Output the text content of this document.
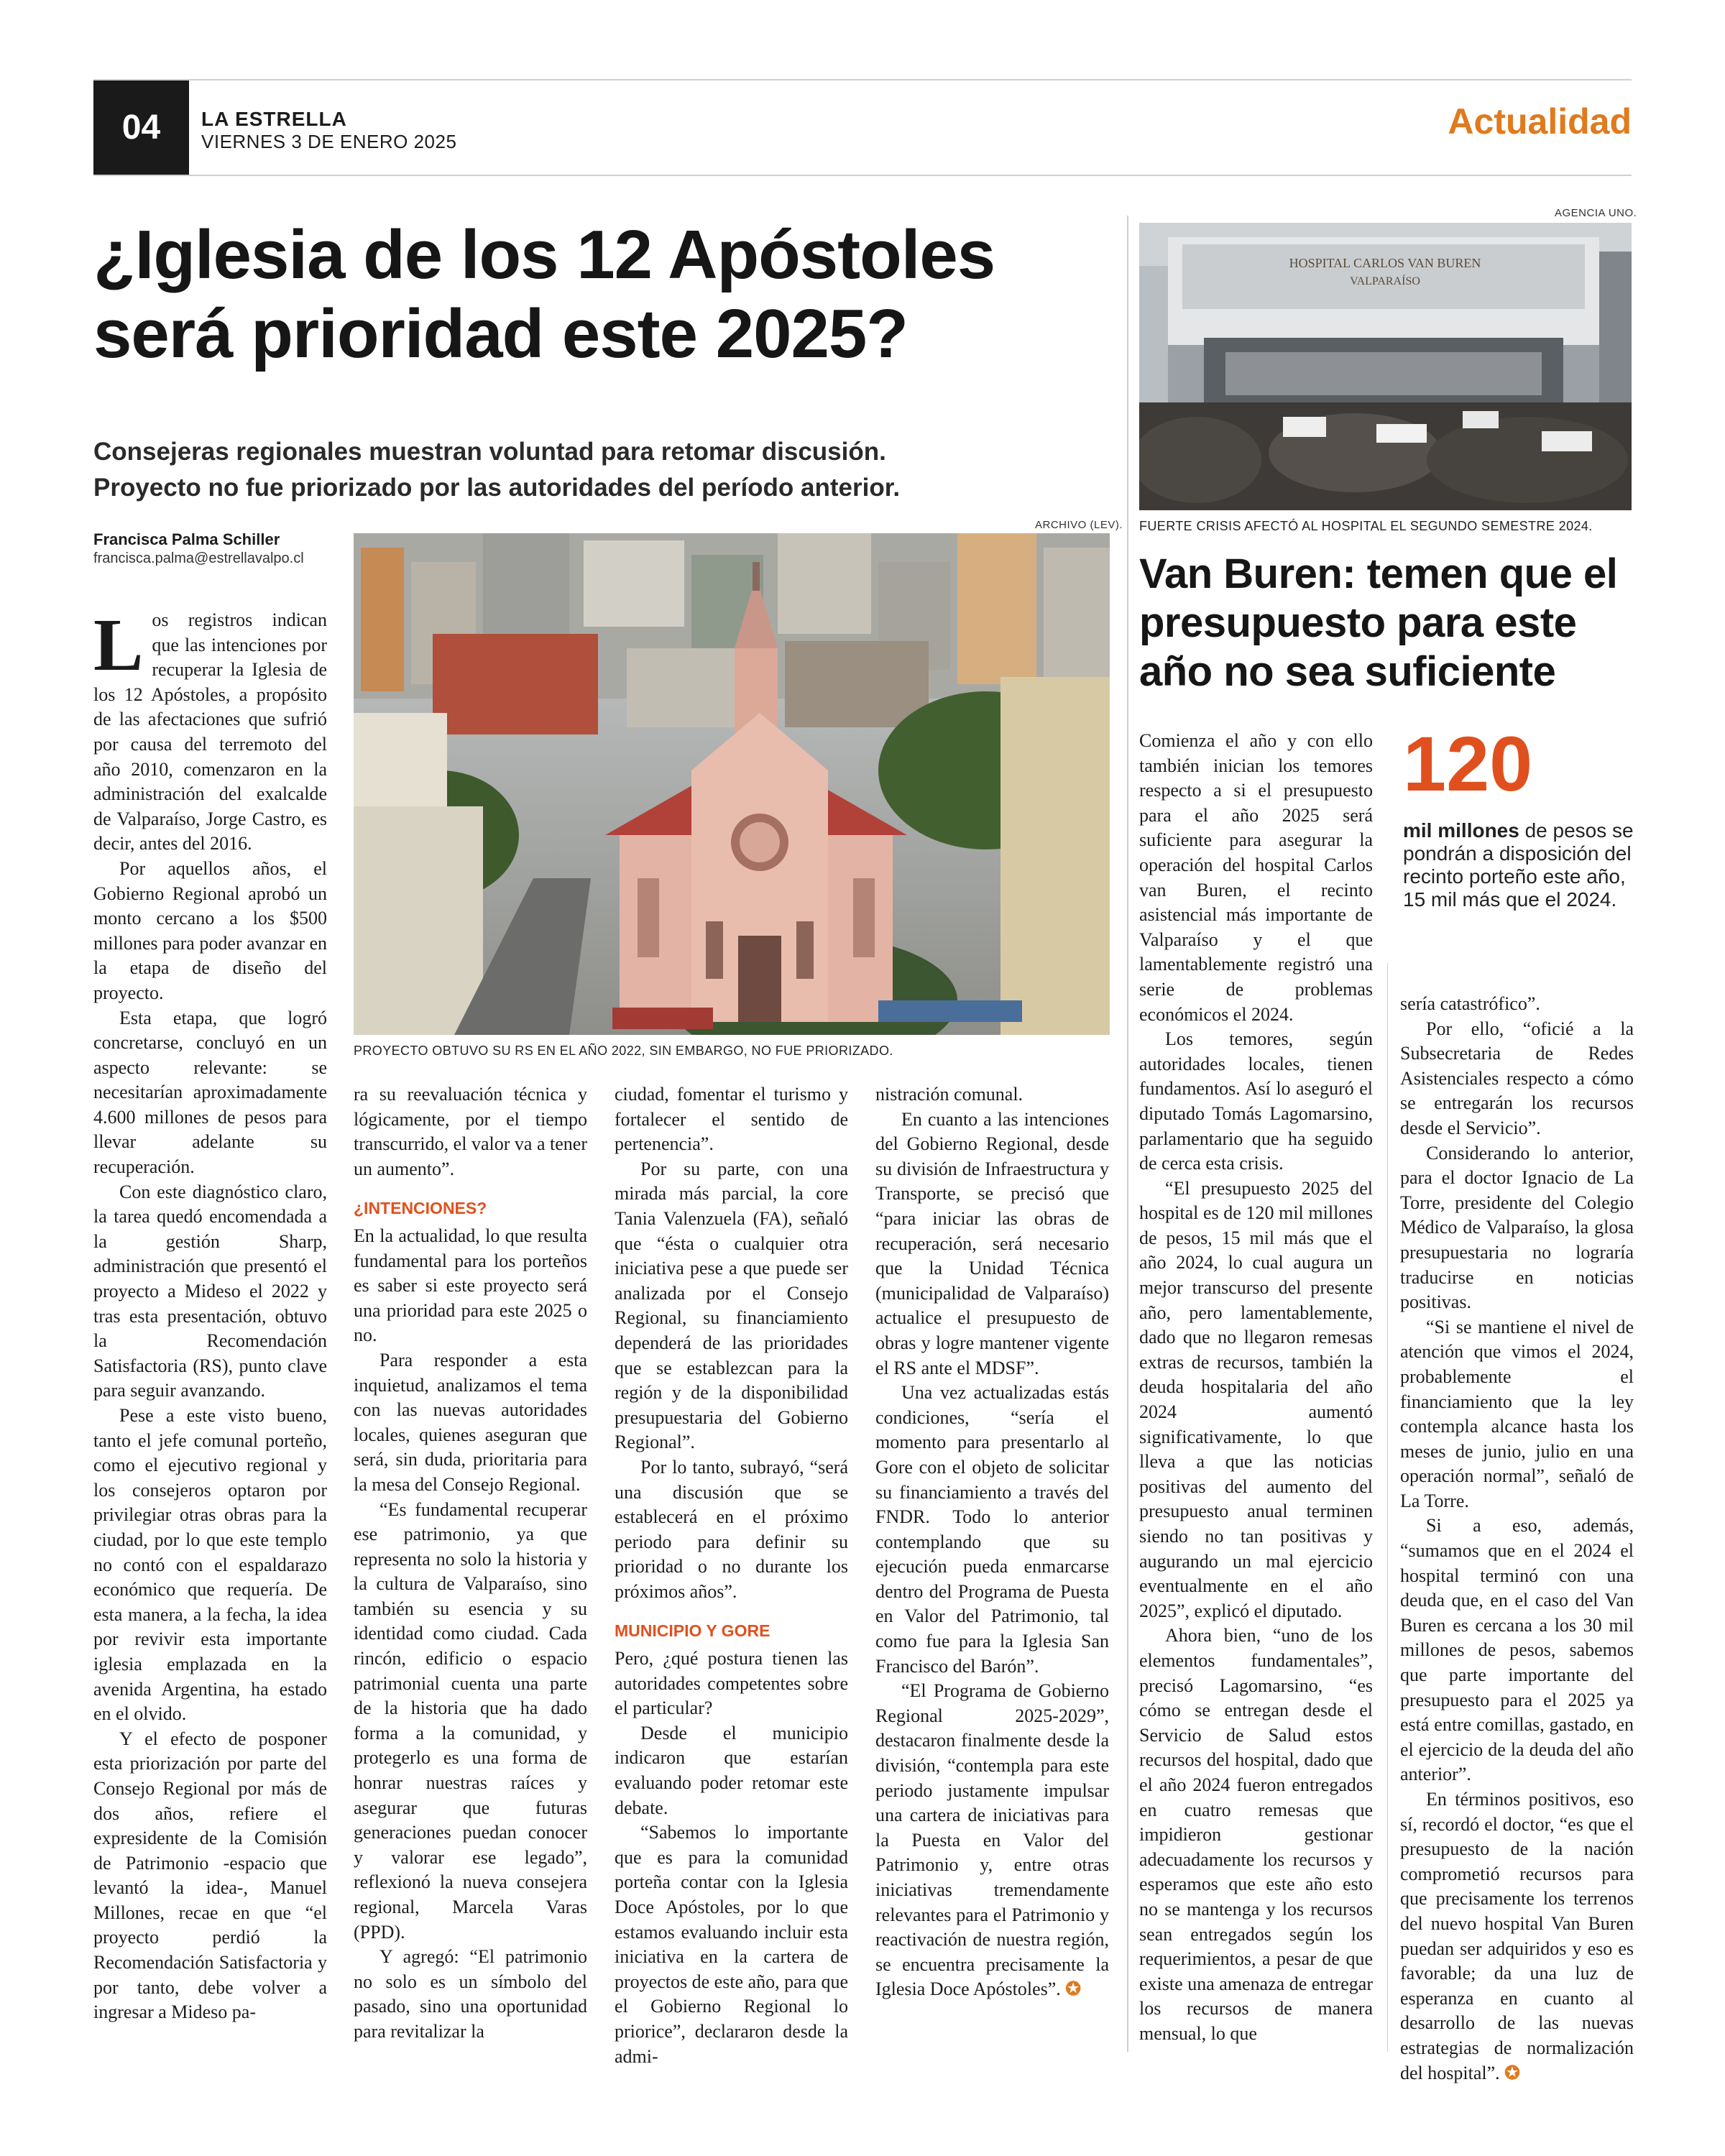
04	LA ESTRELLA
VIERNES 3 DE ENERO 2025	Actualidad
¿Iglesia de los 12 Apóstoles
será prioridad este 2025?
Consejeras regionales muestran voluntad para retomar discusión.
Proyecto no fue priorizado por las autoridades del período anterior.
Francisca Palma Schiller
francisca.palma@estrellavalpo.cl
ARCHIVO (LEV).
PROYECTO OBTUVO SU RS EN EL AÑO 2022, SIN EMBARGO, NO FUE PRIORIZADO.
L os registros indican que las intenciones por recuperar la Iglesia de los 12 Apóstoles, a propósito de las afectaciones que sufrió por causa del terremoto del año 2010, comenzaron en la administración del exalcalde de Valparaíso, Jorge Castro, es decir, antes del 2016.

Por aquellos años, el Gobierno Regional aprobó un monto cercano a los $500 millones para poder avanzar en la etapa de diseño del proyecto.

Esta etapa, que logró concretarse, concluyó en un aspecto relevante: se necesitarían aproximadamente 4.600 millones de pesos para llevar adelante su recuperación.

Con este diagnóstico claro, la tarea quedó encomendada a la gestión Sharp, administración que presentó el proyecto a Mideso el 2022 y tras esta presentación, obtuvo la Recomendación Satisfactoria (RS), punto clave para seguir avanzando.

Pese a este visto bueno, tanto el jefe comunal porteño, como el ejecutivo regional y los consejeros optaron por privilegiar otras obras para la ciudad, por lo que este templo no contó con el espaldarazo económico que requería. De esta manera, a la fecha, la idea por revivir esta importante iglesia emplazada en la avenida Argentina, ha estado en el olvido.

Y el efecto de posponer esta priorización por parte del Consejo Regional por más de dos años, refiere el expresidente de la Comisión de Patrimonio -espacio que levantó la idea-, Manuel Millones, recae en que “el proyecto perdió la Recomendación Satisfactoria y por tanto, debe volver a ingresar a Mideso pa-

ra su reevaluación técnica y lógicamente, por el tiempo transcurrido, el valor va a tener un aumento”.

¿INTENCIONES?

En la actualidad, lo que resulta fundamental para los porteños es saber si este proyecto será una prioridad para este 2025 o no.

Para responder a esta inquietud, analizamos el tema con las nuevas autoridades locales, quienes aseguran que será, sin duda, prioritaria para la mesa del Consejo Regional.

“Es fundamental recuperar ese patrimonio, ya que representa no solo la historia y la cultura de Valparaíso, sino también su esencia y su identidad como ciudad. Cada rincón, edificio o espacio patrimonial cuenta una parte de la historia que ha dado forma a la comunidad, y protegerlo es una forma de honrar nuestras raíces y asegurar que futuras generaciones puedan conocer y valorar ese legado”, reflexionó la nueva consejera regional, Marcela Varas (PPD).

Y agregó: “El patrimonio no solo es un símbolo del pasado, sino una oportunidad para revitalizar la

ciudad, fomentar el turismo y fortalecer el sentido de pertenencia”.

Por su parte, con una mirada más parcial, la core Tania Valenzuela (FA), señaló que “ésta o cualquier otra iniciativa pese a que puede ser analizada por el Consejo Regional, su financiamiento dependerá de las prioridades que se establezcan para la región y de la disponibilidad presupuestaria del Gobierno Regional”.

Por lo tanto, subrayó, “será una discusión que se establecerá en el próximo periodo para definir su prioridad o no durante los próximos años”.

MUNICIPIO Y GORE

Pero, ¿qué postura tienen las autoridades competentes sobre el particular?

Desde el municipio indicaron que estarían evaluando poder retomar este debate.

“Sabemos lo importante que es para la comunidad porteña contar con la Iglesia Doce Apóstoles, por lo que estamos evaluando incluir esta iniciativa en la cartera de proyectos de este año, para que el Gobierno Regional lo priorice”, declararon desde la admi-

nistración comunal.

En cuanto a las intenciones del Gobierno Regional, desde su división de Infraestructura y Transporte, se precisó que “para iniciar las obras de recuperación, será necesario que la Unidad Técnica (municipalidad de Valparaíso) actualice el presupuesto de obras y logre mantener vigente el RS ante el MDSF”.

Una vez actualizadas estás condiciones, “sería el momento para presentarlo al Gore con el objeto de solicitar su financiamiento a través del FNDR. Todo lo anterior contemplando que su ejecución pueda enmarcarse dentro del Programa de Puesta en Valor del Patrimonio, tal como fue para la Iglesia San Francisco del Barón”.

“El Programa de Gobierno Regional 2025-2029”, destacaron finalmente desde la división, “contempla para este periodo justamente impulsar una cartera de iniciativas para la Puesta en Valor del Patrimonio y, entre otras iniciativas tremendamente relevantes para el Patrimonio y reactivación de nuestra región, se encuentra precisamente la Iglesia Doce Apóstoles”. ✪

AGENCIA UNO.
HOSPITAL CARLOS VAN BUREN
VALPARAÍSO
FUERTE CRISIS AFECTÓ AL HOSPITAL EL SEGUNDO SEMESTRE 2024.
Van Buren: temen que el presupuesto para este año no sea suficiente
120
mil millones de pesos se pondrán a disposición del recinto porteño este año, 15 mil más que el 2024.

Comienza el año y con ello también inician los temores respecto a si el presupuesto para el año 2025 será suficiente para asegurar la operación del hospital Carlos van Buren, el recinto asistencial más importante de Valparaíso y el que lamentablemente registró una serie de problemas económicos el 2024.

Los temores, según autoridades locales, tienen fundamentos. Así lo aseguró el diputado Tomás Lagomarsino, parlamentario que ha seguido de cerca esta crisis.

“El presupuesto 2025 del hospital es de 120 mil millones de pesos, 15 mil más que el año 2024, lo cual augura un mejor transcurso del presente año, pero lamentablemente, dado que no llegaron remesas extras de recursos, también la deuda hospitalaria del año 2024 aumentó significativamente, lo que lleva a que las noticias positivas del aumento del presupuesto anual terminen siendo no tan positivas y augurando un mal ejercicio eventualmente en el año 2025”, explicó el diputado.

Ahora bien, “uno de los elementos fundamentales”, precisó Lagomarsino, “es cómo se entregan desde el Servicio de Salud estos recursos del hospital, dado que el año 2024 fueron entregados en cuatro remesas que impidieron gestionar adecuadamente los recursos y esperamos que este año esto no se mantenga y los recursos sean entregados según los requerimientos, a pesar de que existe una amenaza de entregar los recursos de manera mensual, lo que

sería catastrófico”.

Por ello, “oficié a la Subsecretaria de Redes Asistenciales respecto a cómo se entregarán los recursos desde el Servicio”.

Considerando lo anterior, para el doctor Ignacio de La Torre, presidente del Colegio Médico de Valparaíso, la glosa presupuestaria no lograría traducirse en noticias positivas.

“Si se mantiene el nivel de atención que vimos el 2024, probablemente el financiamiento que la ley contempla alcance hasta los meses de junio, julio en una operación normal”, señaló de La Torre.

Si a eso, además, “sumamos que en el 2024 el hospital terminó con una deuda que, en el caso del Van Buren es cercana a los 30 mil millones de pesos, sabemos que parte importante del presupuesto para el 2025 ya está entre comillas, gastado, en el ejercicio de la deuda del año anterior”.

En términos positivos, eso sí, recordó el doctor, “es que el presupuesto de la nación comprometió recursos para que precisamente los terrenos del nuevo hospital Van Buren puedan ser adquiridos y eso es favorable; da una luz de esperanza en cuanto al desarrollo de las nuevas estrategias de normalización del hospital”. ✪
